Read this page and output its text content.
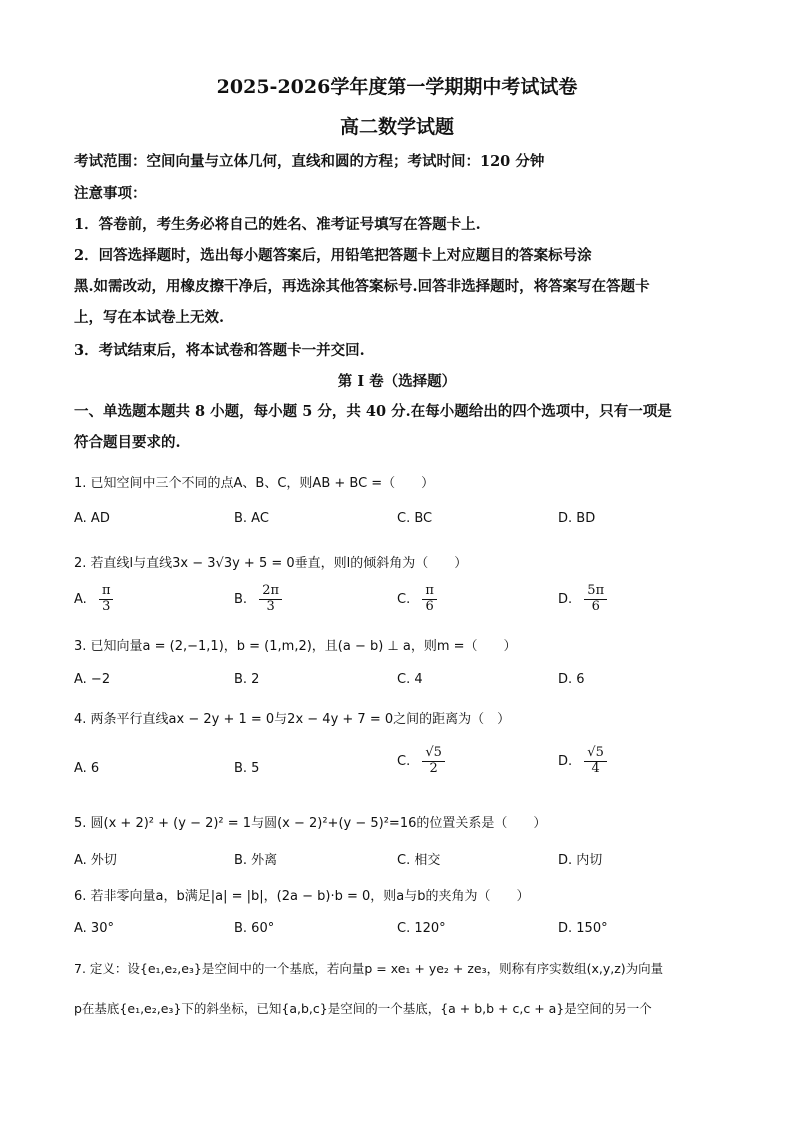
2025-2026学年度第一学期期中考试试卷
高二数学试题
考试范围：空间向量与立体几何，直线和圆的方程；考试时间：120 分钟
注意事项：
1．答卷前，考生务必将自己的姓名、准考证号填写在答题卡上.
2．回答选择题时，选出每小题答案后，用铅笔把答题卡上对应题目的答案标号涂
黑.如需改动，用橡皮擦干净后，再选涂其他答案标号.回答非选择题时，将答案写在答题卡
上，写在本试卷上无效.
3．考试结束后，将本试卷和答题卡一并交回.
第 I 卷（选择题）
一、单选题本题共 8 小题，每小题 5 分，共 40 分.在每小题给出的四个选项中，只有一项是
符合题目要求的.
1. 已知空间中三个不同的点A、B、C，则AB + BC =（　　）
A. AD	B. AC	C. BC	D. BD
2. 若直线l与直线3x − 3√3y + 5 = 0垂直，则l的倾斜角为（　　）
A. $\frac{\pi}{3}$	B. $\frac{2\pi}{3}$	C. $\frac{\pi}{6}$	D. $\frac{5\pi}{6}$
3. 已知向量a = (2,−1,1)，b = (1,m,2)，且(a − b) ⊥ a，则m =（　　）
A. −2	B. 2	C. 4	D. 6
4. 两条平行直线ax − 2y + 1 = 0与2x − 4y + 7 = 0之间的距离为（　）
A. 6	B. 5	C. $\frac{√5}{2}$	D. $\frac{√5}{4}$
5. 圆(x + 2)² + (y − 2)² = 1与圆(x − 2)²+(y − 5)²=16的位置关系是（　　）
A. 外切	B. 外离	C. 相交	D. 内切
6. 若非零向量a，b满足|a| = |b|，(2a − b)·b = 0，则a与b的夹角为（　　）
A. 30°	B. 60°	C. 120°	D. 150°
7. 定义：设{e₁,e₂,e₃}是空间中的一个基底，若向量p = xe₁ + ye₂ + ze₃，则称有序实数组(x,y,z)为向量
p在基底{e₁,e₂,e₃}下的斜坐标，已知{a,b,c}是空间的一个基底，{a + b,b + c,c + a}是空间的另一个
